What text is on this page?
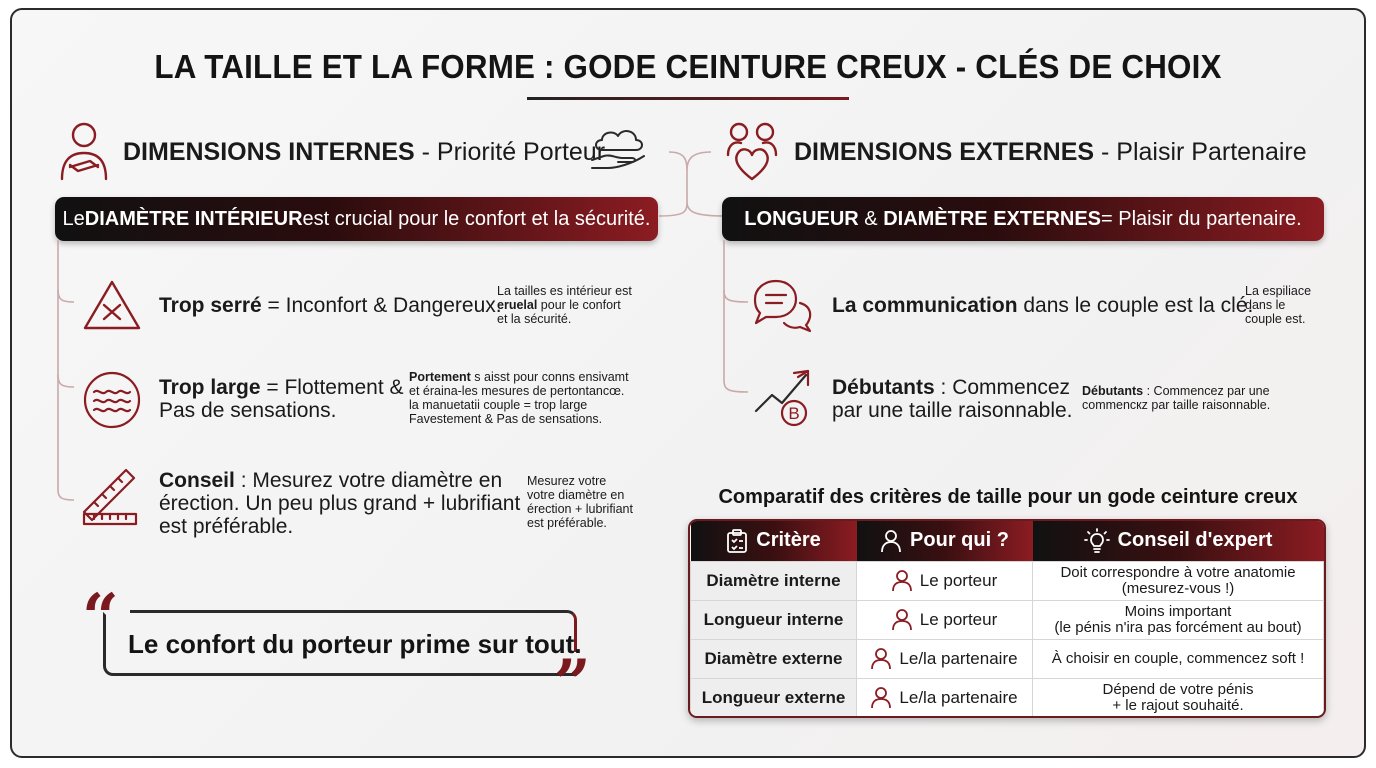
LA TAILLE ET LA FORME : GODE CEINTURE CREUX - CLÉS DE CHOIX
DIMENSIONS INTERNES - Priorité Porteur	DIMENSIONS EXTERNES - Plaisir Partenaire
Le DIAMÈTRE INTÉRIEUR est crucial pour le confort et la sécurité.
Trop serré = Inconfort & Dangereux.
La tailles es intérieur est
eruelal pour le confort
et la sécurité.
Trop large = Flottement &
Pas de sensations.
Portement s aisst pour conns ensivamt
et éraina-les mesures de pertontancœ.
la manuetatii couple = trop large
Favestement & Pas de sensations.
Conseil : Mesurez votre diamètre en
érection. Un peu plus grand + lubrifiant
est préférable.
Mesurez votre
votre diamètre en
érection + lubrifiant
est préférable.
LONGUEUR & DIAMÈTRE EXTERNES = Plaisir du partenaire.
La communication dans le couple est la clé.
La espiliace
dans le
couple est.
B
Débutants : Commencez
par une taille raisonnable.
Débutants : Commencez par une
commencкz par taille raisonnable.
“
”
Le confort du porteur prime sur tout.
Comparatif des critères de taille pour un gode ceinture creux
Critère	Pour qui ?	Conseil d'expert

Diamètre interne	Le porteur	Doit correspondre à votre anatomie
(mesurez-vous !)

Longueur interne	Le porteur	Moins important
(le pénis n'ira pas forcément au bout)

Diamètre externe	Le/la partenaire	À choisir en couple, commencez soft !

Longueur externe	Le/la partenaire	Dépend de votre pénis
+ le rajout souhaité.
